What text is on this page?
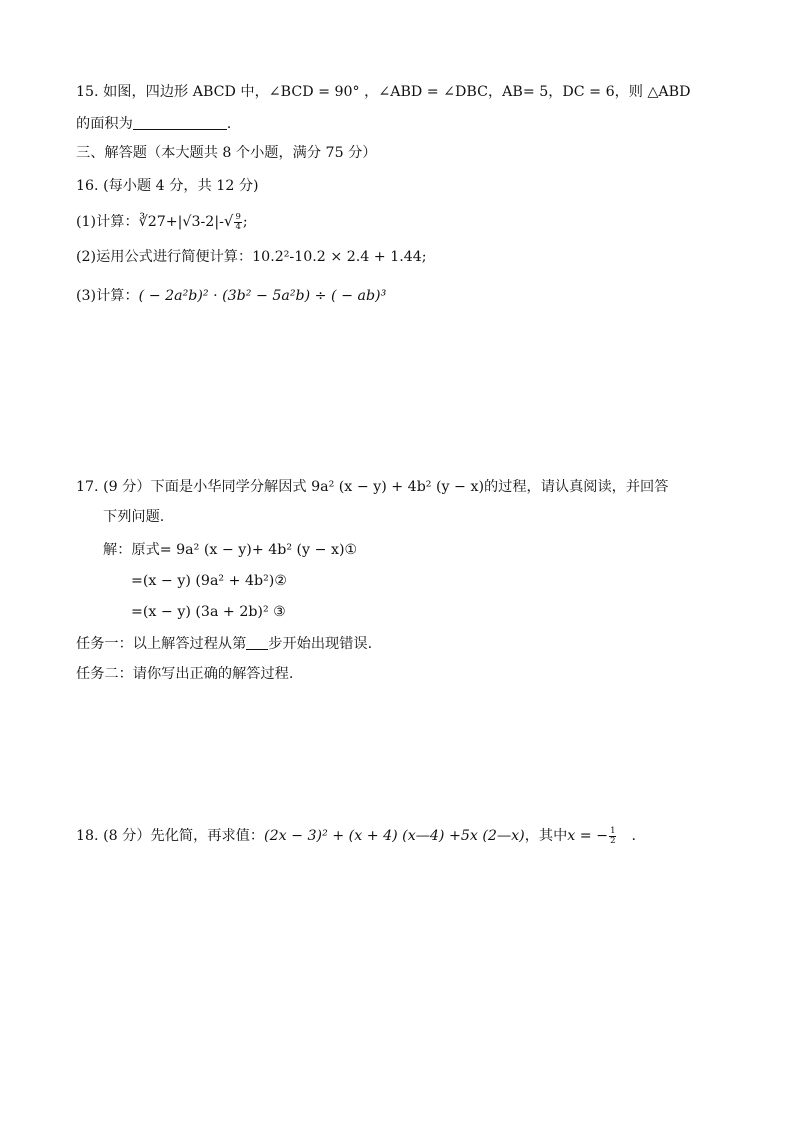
15. 如图，四边形 ABCD 中，∠BCD = 90° ，∠ABD = ∠DBC，AB= 5，DC = 6，则 △ABD
的面积为	.
三、解答题（本大题共 8 个小题，满分 75 分）
16. (每小题 4 分，共 12 分)
(1)计算：∛27+|√3-2|-√ $\frac{9}{4}$ ;
(2)运用公式进行简便计算：10.2²-10.2 × 2.4 + 1.44;
(3)计算：( − 2a²b)² · (3b² − 5a²b) ÷ ( − ab)³
17. (9 分）下面是小华同学分解因式 9a² (x − y) + 4b² (y − x)的过程，请认真阅读，并回答
下列问题.
解：原式= 9a² (x − y)+ 4b² (y − x)①
=(x − y) (9a² + 4b²)②
=(x − y) (3a + 2b)² ③
任务一：以上解答过程从第 步开始出现错误.
任务二：请你写出正确的解答过程.
18. (8 分）先化简，再求值：(2x − 3)² + (x + 4) (x—4) +5x (2—x)，其中x = − $\frac{1}{2}$ .
